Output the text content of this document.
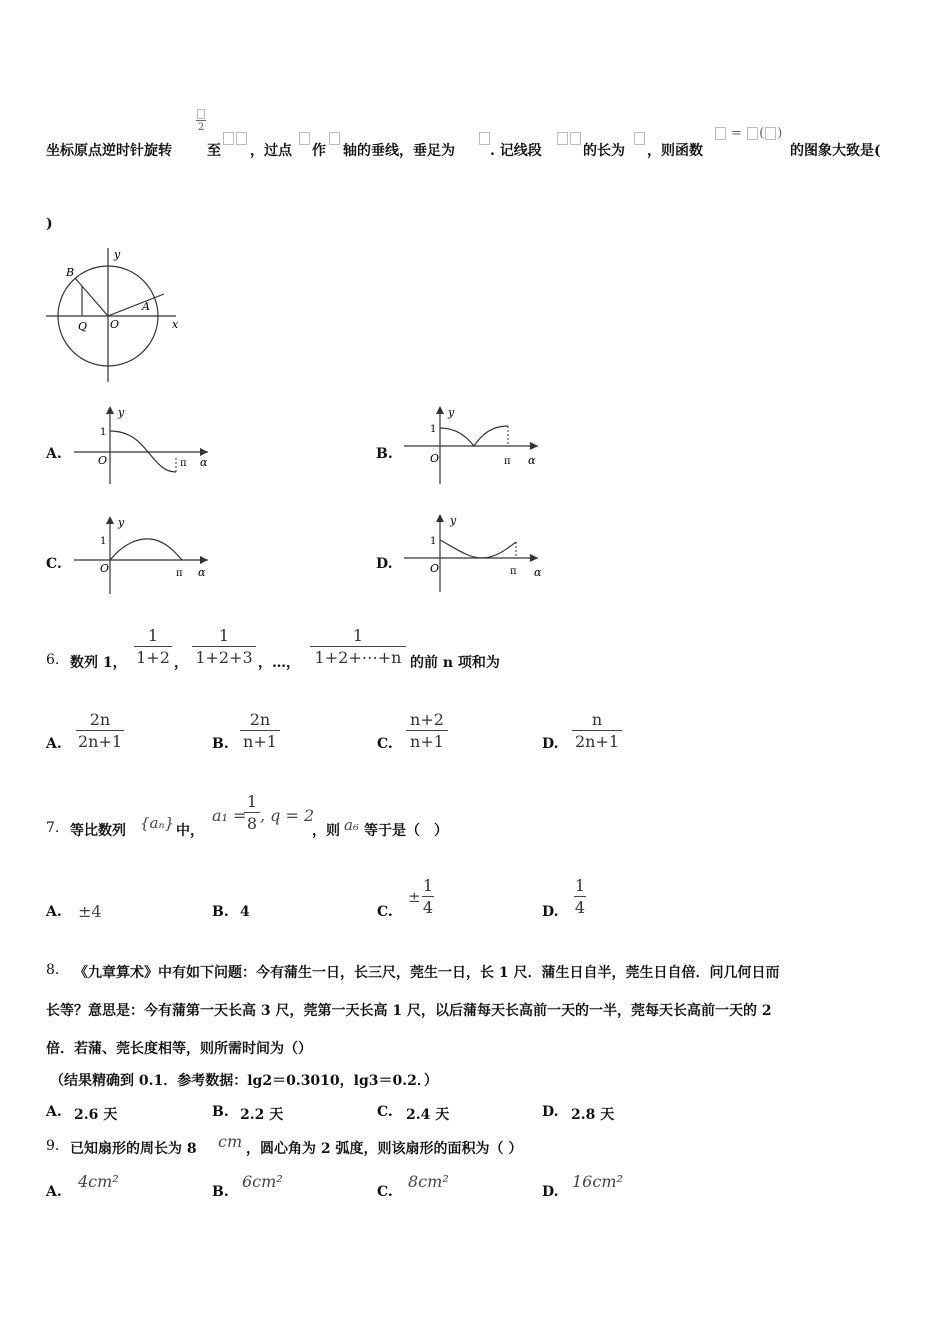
2
坐标原点逆时针旋转	至 ，过点 作 轴的垂线，垂足为	. 记线段	的长为 ，则函数
= ( )
的图象大致是(
)
y
x
B
A
Q O
A.
y
1
O	π α
B.
y
1
O	π α
C.
y
1
O	π α
D.
y
1
O	π α
6. 数列 1，
1
1+2 ，
1
1+2+3 ，…，
1
1+2+⋯+n 的前 n 项和为
A.
2n
2n+1	B.
2n
n+1	C.
n+2
n+1	D.
n
2n+1
7. 等比数列 {aₙ} 中，
a₁ =
1
8 , q = 2
，则 a₆ 等于是（　）
A. ±4	B. 4	C.
±
1
4	D.
1
4
8. 《九章算术》中有如下问题：今有蒲生一日，长三尺，莞生一日，长 1 尺．蒲生日自半，莞生日自倍．问几何日而
长等？意思是：今有蒲第一天长高 3 尺，莞第一天长高 1 尺，以后蒲每天长高前一天的一半，莞每天长高前一天的 2
倍．若蒲、莞长度相等，则所需时间为（）
（结果精确到 0.1．参考数据：lg2＝0.3010，lg3＝0.2．）
A. 2.6 天	B. 2.2 天	C. 2.4 天	D. 2.8 天
9. 已知扇形的周长为 8 cm ，圆心角为 2 弧度，则该扇形的面积为（ ）
A.
4cm²
B.
6cm²
C.
8cm²
D.
16cm²
